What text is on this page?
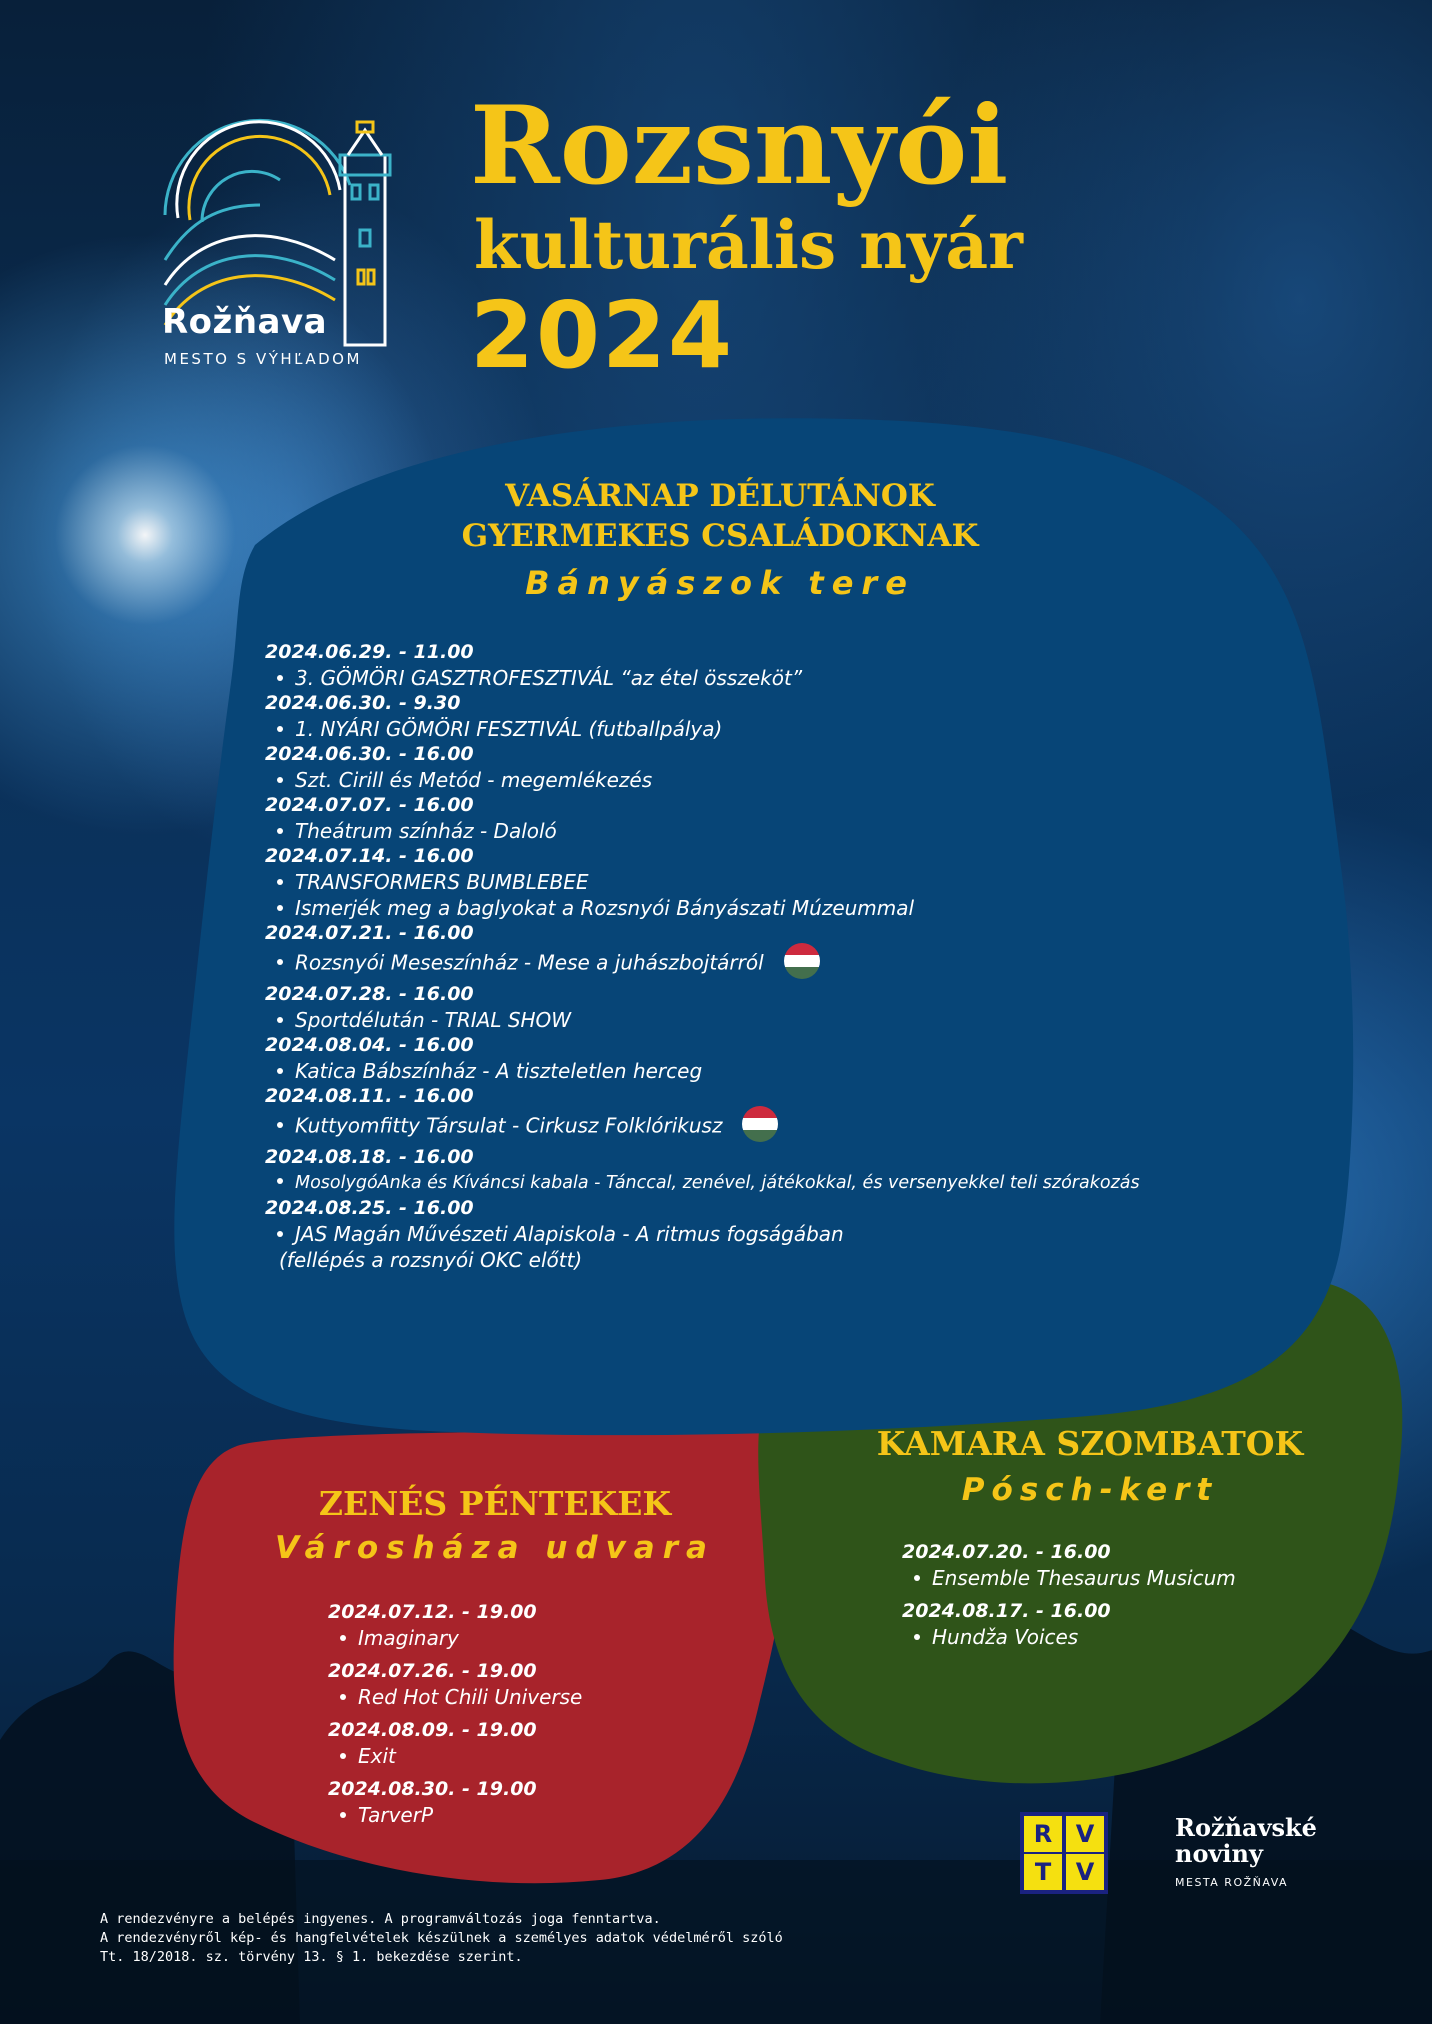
Rožňava
MESTO S VÝHĽADOM
Rozsnyói
kulturális nyár
2024
VASÁRNAP DÉLUTÁNOK
GYERMEKES CSALÁDOKNAK
Bányászok tere
2024.06.29. - 11.00
3. GÖMÖRI GASZTROFESZTIVÁL “az étel összeköt”
2024.06.30. - 9.30
1. NYÁRI GÖMÖRI FESZTIVÁL (futballpálya)
2024.06.30. - 16.00
Szt. Cirill és Metód - megemlékezés
2024.07.07. - 16.00
Theátrum színház - Daloló
2024.07.14. - 16.00
TRANSFORMERS BUMBLEBEE
Ismerjék meg a baglyokat a Rozsnyói Bányászati Múzeummal
2024.07.21. - 16.00
Rozsnyói Meseszínház - Mese a juhászbojtárról
2024.07.28. - 16.00
Sportdélután - TRIAL SHOW
2024.08.04. - 16.00
Katica Bábszínház - A tiszteletlen herceg
2024.08.11. - 16.00
Kuttyomfitty Társulat - Cirkusz Folklórikusz
2024.08.18. - 16.00
MosolygóAnka és Kíváncsi kabala - Tánccal, zenével, játékokkal, és versenyekkel teli szórakozás
2024.08.25. - 16.00
JAS Magán Művészeti Alapiskola - A ritmus fogságában
(fellépés a rozsnyói OKC előtt)
ZENÉS PÉNTEKEK
Városháza udvara
2024.07.12. - 19.00
Imaginary
2024.07.26. - 19.00
Red Hot Chili Universe
2024.08.09. - 19.00
Exit
2024.08.30. - 19.00
TarverP
KAMARA SZOMBATOK
Pósch-kert
2024.07.20. - 16.00
Ensemble Thesaurus Musicum
2024.08.17. - 16.00
Hundža Voices
R V
T	V
Rožňavské
noviny
MESTA ROŽŇAVA
A rendezvényre a belépés ingyenes. A programváltozás joga fenntartva.
A rendezvényről kép- és hangfelvételek készülnek a személyes adatok védelméről szóló
Tt. 18/2018. sz. törvény 13. § 1. bekezdése szerint.
